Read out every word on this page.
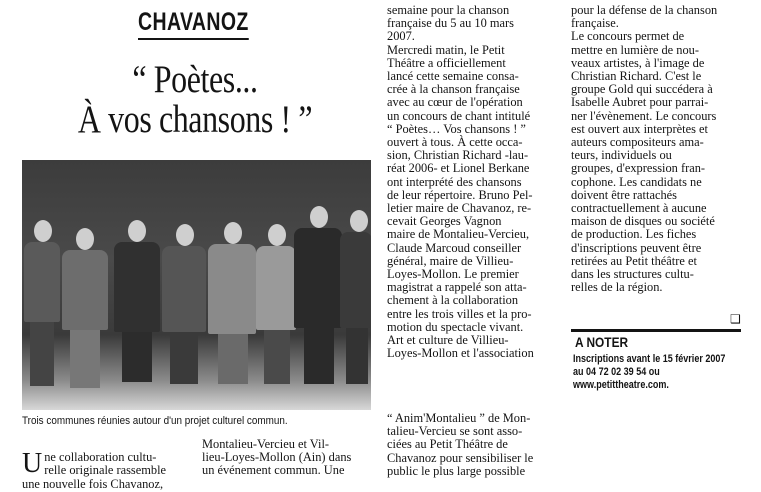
CHAVANOZ
“ Poètes...
À vos chansons ! ”
Trois communes réunies autour d'un projet culturel commun.

Une collaboration cultu-
relle originale rassemble
une nouvelle fois Chavanoz,

Montalieu-Vercieu et Vil-
lieu-Loyes-Mollon (Ain) dans
un événement commun. Une
semaine pour la chanson
française du 5 au 10 mars
2007.
Mercredi matin, le Petit
Théâtre a officiellement
lancé cette semaine consa-
crée à la chanson française
avec au cœur de l'opération
un concours de chant intitulé
“ Poètes… Vos chansons ! ”
ouvert à tous. À cette occa-
sion, Christian Richard -lau-
réat 2006- et Lionel Berkane
ont interprété des chansons
de leur répertoire. Bruno Pel-
letier maire de Chavanoz, re-
cevait Georges Vagnon
maire de Montalieu-Vercieu,
Claude Marcoud conseiller
général, maire de Villieu-
Loyes-Mollon. Le premier
magistrat a rappelé son atta-
chement à la collaboration
entre les trois villes et la pro-
motion du spectacle vivant.
Art et culture de Villieu-
Loyes-Mollon et l'association
“ Anim'Montalieu ” de Mon-
talieu-Vercieu se sont asso-
ciées au Petit Théâtre de
Chavanoz pour sensibiliser le
public le plus large possible
pour la défense de la chanson
française.
Le concours permet de
mettre en lumière de nou-
veaux artistes, à l'image de
Christian Richard. C'est le
groupe Gold qui succédera à
Isabelle Aubret pour parrai-
ner l'évènement. Le concours
est ouvert aux interprètes et
auteurs compositeurs ama-
teurs, individuels ou
groupes, d'expression fran-
cophone. Les candidats ne
doivent être rattachés
contractuellement à aucune
maison de disques ou société
de production. Les fiches
d'inscriptions peuvent être
retirées au Petit théâtre et
dans les structures cultu-
relles de la région.
❑
A NOTER
Inscriptions avant le 15 février 2007
au 04 72 02 39 54 ou
www.petittheatre.com.
